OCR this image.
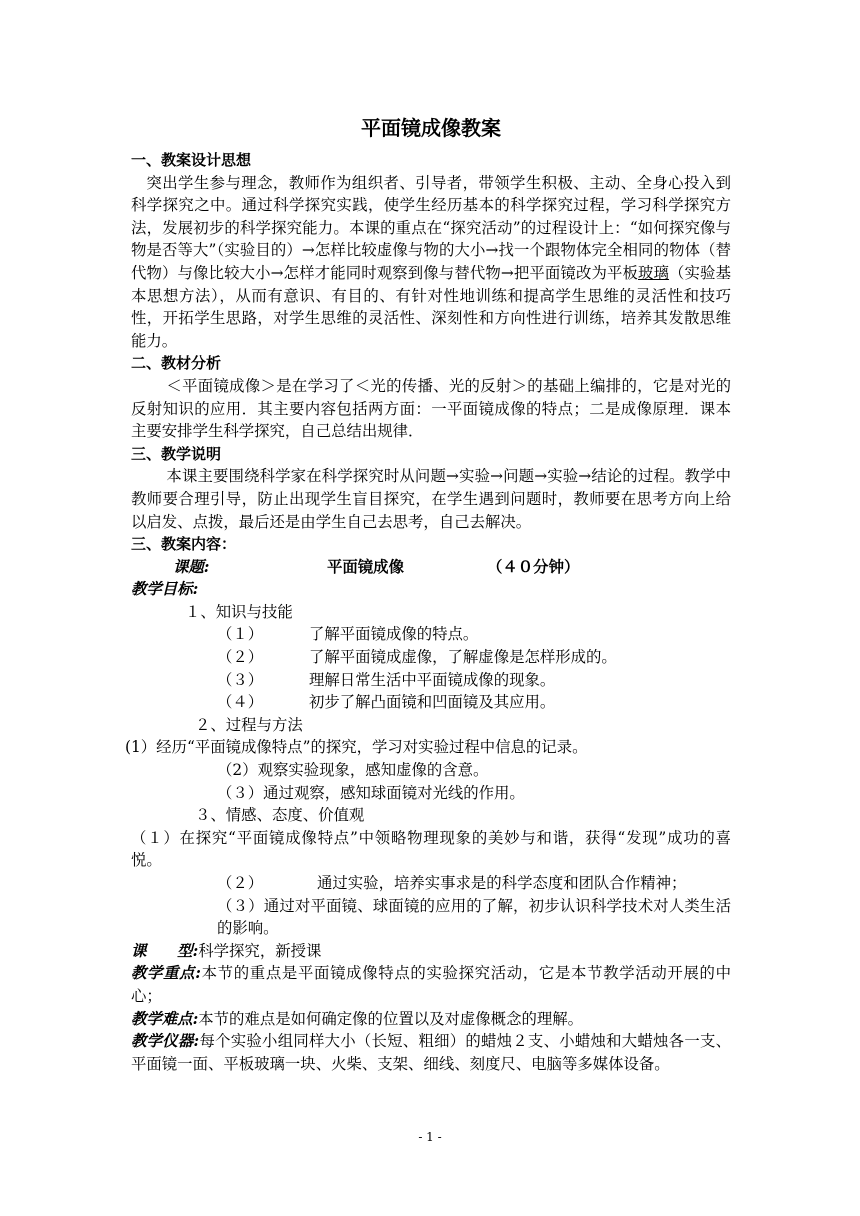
平面镜成像教案

一、教案设计思想

突出学生参与理念，教师作为组织者、引导者，带领学生积极、主动、全身心投入到科学探究之中。通过科学探究实践，使学生经历基本的科学探究过程，学习科学探究方法，发展初步的科学探究能力。本课的重点在“探究活动”的过程设计上：“如何探究像与物是否等大”（实验目的）→怎样比较虚像与物的大小→找一个跟物体完全相同的物体（替代物）与像比较大小→怎样才能同时观察到像与替代物→把平面镜改为平板玻璃（实验基本思想方法），从而有意识、有目的、有针对性地训练和提高学生思维的灵活性和技巧性，开拓学生思路，对学生思维的灵活性、深刻性和方向性进行训练，培养其发散思维能力。

二、教材分析

＜平面镜成像＞是在学习了＜光的传播、光的反射＞的基础上编排的，它是对光的反射知识的应用．其主要内容包括两方面：一平面镜成像的特点；二是成像原理．课本主要安排学生科学探究，自己总结出规律．

三、教学说明

本课主要围绕科学家在科学探究时从问题→实验→问题→实验→结论的过程。教学中教师要合理引导，防止出现学生盲目探究，在学生遇到问题时，教师要在思考方向上给以启发、点拨，最后还是由学生自己去思考，自己去解决。

三、教案内容：

课题:	平面镜成像	（４０分钟）

教学目标:

１、知识与技能

（１）	了解平面镜成像的特点。
（２）	了解平面镜成虚像，了解虚像是怎样形成的。
（３）	理解日常生活中平面镜成像的现象。
（４）	初步了解凸面镜和凹面镜及其应用。

２、过程与方法

(1）经历“平面镜成像特点”的探究，学习对实验过程中信息的记录。

（2）观察实验现象，感知虚像的含意。

（３）通过观察，感知球面镜对光线的作用。

３、情感、态度、价值观

（１）在探究“平面镜成像特点”中领略物理现象的美妙与和谐，获得“发现”成功的喜悦。

（２）	通过实验，培养实事求是的科学态度和团队合作精神；

（３）通过对平面镜、球面镜的应用的了解，初步认识科学技术对人类生活的影响。

课　　型:科学探究，新授课

教学重点:本节的重点是平面镜成像特点的实验探究活动，它是本节教学活动开展的中心；

教学难点:本节的难点是如何确定像的位置以及对虚像概念的理解。

教学仪器:每个实验小组同样大小（长短、粗细）的蜡烛２支、小蜡烛和大蜡烛各一支、平面镜一面、平板玻璃一块、火柴、支架、细线、刻度尺、电脑等多媒体设备。

- 1 -
